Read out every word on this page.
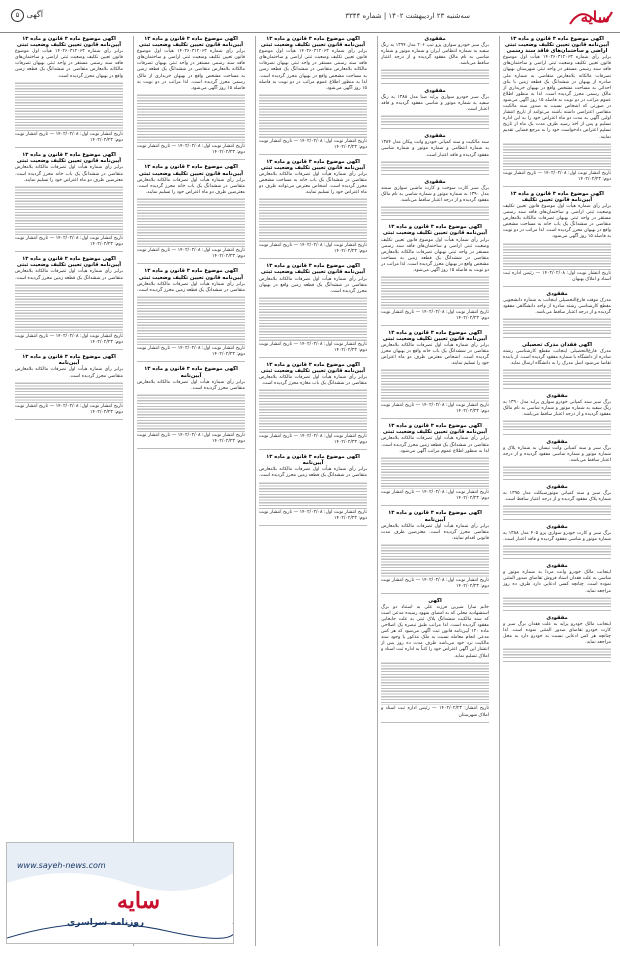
سایه
سه‌شنبه ۲۳ اردیبهشت ۱۴۰۲ | شماره ۳۳۴۴
آگهی ۵
آگهی موضوع ماده ۳ قانون و ماده ۱۳ آیین‌نامه قانون تعیین تکلیف وضعیت ثبتی اراضی و ساختمان‌های فاقد سند رسمی
برابر رأی شماره ۱۴۰۲۶۰۳۱۲۰۶۳ هیأت اول موضوع قانون تعیین تکلیف وضعیت ثبتی اراضی و ساختمان‌های فاقد سند رسمی مستقر در واحد ثبتی شهرستان بهبهان تصرفات مالکانه بلامعارض متقاضی به شماره ملی صادره از بهبهان در ششدانگ یک قطعه زمین با بنای احداثی به مساحت مشخص واقع در بهبهان خریداری از مالک رسمی محرز گردیده است. لذا به منظور اطلاع عموم مراتب در دو نوبت به فاصله ۱۵ روز آگهی می‌شود در صورتی که اشخاص نسبت به صدور سند مالکیت متقاضی اعتراضی داشته باشند می‌توانند از تاریخ انتشار اولین آگهی به مدت دو ماه اعتراض خود را به این اداره تسلیم و پس از اخذ رسید ظرف مدت یک ماه از تاریخ تسلیم اعتراض دادخواست خود را به مرجع قضایی تقدیم نمایند.
تاریخ انتشار نوبت اول: ۱۴۰۲/۰۲/۰۸ — تاریخ انتشار نوبت دوم: ۱۴۰۲/۰۲/۲۳
آگهی موضوع ماده ۳ قانون و ماده ۱۳ آیین‌نامه قانون تعیین تکلیف
برابر رأی شماره هیأت اول موضوع قانون تعیین تکلیف وضعیت ثبتی اراضی و ساختمان‌های فاقد سند رسمی مستقر در واحد ثبتی بهبهان تصرفات مالکانه بلامعارض متقاضی در ششدانگ یک باب خانه به مساحت مشخص واقع در بهبهان محرز گردیده است. لذا مراتب در دو نوبت به فاصله ۱۵ روز آگهی می‌شود.
تاریخ انتشار نوبت اول: ۱۴۰۲/۰۲/۰۸ — رئیس اداره ثبت اسناد و املاک بهبهان
مفقودی
مدرک موقت فارغ‌التحصیلی اینجانب به شماره دانشجویی مقطع کارشناسی رشته صادره از واحد دانشگاهی مفقود گردیده و از درجه اعتبار ساقط می‌باشد.
آگهی فقدان مدرک تحصیلی
مدرک فارغ‌التحصیلی اینجانب مقطع کارشناسی رشته صادره از دانشگاه با شماره مفقود گردیده است. از یابنده تقاضا می‌شود اصل مدرک را به دانشگاه ارسال نماید.
مفقودی
برگ سبز سند کمپانی خودرو سواری پراید مدل ۱۳۹۰ به رنگ سفید به شماره موتور و شماره شاسی به نام مالک مفقود گردیده و از درجه اعتبار ساقط می‌باشد.
مفقودی
برگ سبز و سند کمپانی وانت نیسان به شماره پلاک و شماره موتور و شماره شاسی مفقود گردیده و از درجه اعتبار ساقط می‌باشد.
مفقودی
برگ سبز و سند کمپانی موتورسیکلت مدل ۱۳۹۵ به شماره پلاک مفقود گردیده و از درجه اعتبار ساقط است.
مفقودی
برگ سبز و کارت خودرو سواری پژو ۴۰۵ مدل ۱۳۸۸ به شماره موتور و شاسی مفقود گردیده و فاقد اعتبار است.
مفقودی
اینجانب مالک خودرو وانت مزدا به شماره موتور و شاسی به علت فقدان اسناد فروش تقاضای صدور المثنی نموده است. چنانچه کسی ادعایی دارد ظرف ده روز مراجعه نماید.
مفقودی
اینجانب مالک خودرو پراید به علت فقدان برگ سبز و کارت خودرو تقاضای صدور المثنی نموده است. لذا چنانچه هر کس ادعایی نسبت به خودرو دارد به محل مراجعه نماید.
مفقودی
برگ سبز خودرو سواری پژو تیپ ۲۰۶ مدل ۱۳۹۴ به رنگ سفید به شماره انتظامی ایران و شماره موتور و شماره شاسی به نام مالک مفقود گردیده و از درجه اعتبار ساقط می‌باشد.
مفقودی
برگ سبز خودرو سواری پراید صبا مدل ۱۳۸۸ به رنگ سفید به شماره موتور و شاسی مفقود گردیده و فاقد اعتبار است.
مفقودی
سند مالکیت و سند کمپانی خودرو وانت پیکان مدل ۱۳۸۴ به شماره انتظامی و شماره موتور و شماره شاسی مفقود گردیده و فاقد اعتبار است.
مفقودی
برگ سبز کارت سوخت و کارت ماشین سواری سمند مدل ۱۳۹۰ به شماره موتور و شماره شاسی به نام مالک مفقود گردیده و از درجه اعتبار ساقط می‌باشد.
آگهی موضوع ماده ۳ قانون و ماده ۱۳ آیین‌نامه قانون تعیین تکلیف وضعیت ثبتی
برابر رأی شماره هیأت اول موضوع قانون تعیین تکلیف وضعیت ثبتی اراضی و ساختمان‌های فاقد سند رسمی مستقر در واحد ثبتی بهبهان تصرفات مالکانه بلامعارض متقاضی در ششدانگ یک قطعه زمین به مساحت مشخص واقع در بهبهان محرز گردیده است. لذا مراتب در دو نوبت به فاصله ۱۵ روز آگهی می‌شود.
تاریخ انتشار نوبت اول: ۱۴۰۲/۰۲/۰۸ — تاریخ انتشار نوبت دوم: ۱۴۰۲/۰۲/۲۳
آگهی موضوع ماده ۳ قانون و ماده ۱۳ آیین‌نامه قانون تعیین تکلیف وضعیت ثبتی
برابر رأی شماره هیأت اول تصرفات مالکانه بلامعارض متقاضی در ششدانگ یک باب خانه واقع در بهبهان محرز گردیده است. اشخاص معترض ظرف دو ماه اعتراض خود را تسلیم نمایند.
تاریخ انتشار نوبت اول: ۱۴۰۲/۰۲/۰۸ — تاریخ انتشار نوبت دوم: ۱۴۰۲/۰۲/۲۳
آگهی موضوع ماده ۳ قانون و ماده ۱۳ آیین‌نامه قانون تعیین تکلیف وضعیت ثبتی
برابر رأی شماره هیأت اول تصرفات مالکانه بلامعارض متقاضی در ششدانگ یک قطعه زمین محرز گردیده است. لذا به منظور اطلاع عموم مراتب آگهی می‌شود.
تاریخ انتشار نوبت اول: ۱۴۰۲/۰۲/۰۸ — تاریخ انتشار نوبت دوم: ۱۴۰۲/۰۲/۲۳
آگهی موضوع ماده ۳ قانون و ماده ۱۳ آیین‌نامه
برابر رأی شماره هیأت اول تصرفات مالکانه بلامعارض متقاضی محرز گردیده است. معترضین ظرف مدت قانونی اقدام نمایند.
تاریخ انتشار نوبت اول: ۱۴۰۲/۰۲/۰۸ — تاریخ انتشار نوبت دوم: ۱۴۰۲/۰۲/۲۳
آگهی
خانم سارا شیرین فرزند علی به استناد دو برگ استشهادیه محلی که به امضای شهود رسیده مدعی است که سند مالکیت ششدانگ پلاک ثبتی به علت جابجایی مفقود گردیده است. لذا مراتب طبق تبصره یک اصلاحی ماده ۱۲۰ آیین‌نامه قانون ثبت آگهی می‌شود که هر کس مدعی انجام معامله نسبت به ملک مذکور یا وجود سند مالکیت نزد خود می‌باشد ظرف مدت ده روز پس از انتشار این آگهی اعتراض خود را کتباً به اداره ثبت اسناد و املاک تسلیم نماید.
تاریخ انتشار: ۱۴۰۲/۰۲/۲۳ — رئیس اداره ثبت اسناد و املاک شهرستان
آگهی موضوع ماده ۳ قانون و ماده ۱۳ آیین‌نامه قانون تعیین تکلیف وضعیت ثبتی
برابر رأی شماره ۱۴۰۲۶۰۳۱۲۰۶۳ هیأت اول موضوع قانون تعیین تکلیف وضعیت ثبتی اراضی و ساختمان‌های فاقد سند رسمی مستقر در واحد ثبتی بهبهان تصرفات مالکانه بلامعارض متقاضی در ششدانگ یک قطعه زمین به مساحت مشخص واقع در بهبهان محرز گردیده است. لذا به منظور اطلاع عموم مراتب در دو نوبت به فاصله ۱۵ روز آگهی می‌شود.
تاریخ انتشار نوبت اول: ۱۴۰۲/۰۲/۰۸ — تاریخ انتشار نوبت دوم: ۱۴۰۲/۰۲/۲۳
آگهی موضوع ماده ۳ قانون و ماده ۱۳ آیین‌نامه قانون تعیین تکلیف وضعیت ثبتی
برابر رأی شماره هیأت اول تصرفات مالکانه بلامعارض متقاضی در ششدانگ یک باب خانه به مساحت مشخص محرز گردیده است. اشخاص معترض می‌توانند ظرف دو ماه اعتراض خود را تسلیم نمایند.
تاریخ انتشار نوبت اول: ۱۴۰۲/۰۲/۰۸ — تاریخ انتشار نوبت دوم: ۱۴۰۲/۰۲/۲۳
آگهی موضوع ماده ۳ قانون و ماده ۱۳ آیین‌نامه قانون تعیین تکلیف وضعیت ثبتی
برابر رأی شماره هیأت اول تصرفات مالکانه بلامعارض متقاضی در ششدانگ یک قطعه زمین واقع در بهبهان محرز گردیده است.
تاریخ انتشار نوبت اول: ۱۴۰۲/۰۲/۰۸ — تاریخ انتشار نوبت دوم: ۱۴۰۲/۰۲/۲۳
آگهی موضوع ماده ۳ قانون و ماده ۱۳ آیین‌نامه قانون تعیین تکلیف وضعیت ثبتی
برابر رأی شماره هیأت اول تصرفات مالکانه بلامعارض متقاضی در ششدانگ یک باب مغازه محرز گردیده است.
تاریخ انتشار نوبت اول: ۱۴۰۲/۰۲/۰۸ — تاریخ انتشار نوبت دوم: ۱۴۰۲/۰۲/۲۳
آگهی موضوع ماده ۳ قانون و ماده ۱۳ آیین‌نامه
برابر رأی شماره هیأت اول تصرفات مالکانه بلامعارض متقاضی در ششدانگ یک قطعه زمین محرز گردیده است.
تاریخ انتشار نوبت اول: ۱۴۰۲/۰۲/۰۸ — تاریخ انتشار نوبت دوم: ۱۴۰۲/۰۲/۲۳
آگهی موضوع ماده ۳ قانون و ماده ۱۳ آیین‌نامه قانون تعیین تکلیف وضعیت ثبتی
برابر رأی شماره ۱۴۰۲۶۰۳۱۲۰۶۳ هیأت اول موضوع قانون تعیین تکلیف وضعیت ثبتی اراضی و ساختمان‌های فاقد سند رسمی مستقر در واحد ثبتی بهبهان تصرفات مالکانه بلامعارض متقاضی در ششدانگ یک قطعه زمین به مساحت مشخص واقع در بهبهان خریداری از مالک رسمی محرز گردیده است. لذا مراتب در دو نوبت به فاصله ۱۵ روز آگهی می‌شود.
تاریخ انتشار نوبت اول: ۱۴۰۲/۰۲/۰۸ — تاریخ انتشار نوبت دوم: ۱۴۰۲/۰۲/۲۳
آگهی موضوع ماده ۳ قانون و ماده ۱۳ آیین‌نامه قانون تعیین تکلیف وضعیت ثبتی
برابر رأی شماره هیأت اول تصرفات مالکانه بلامعارض متقاضی در ششدانگ یک باب خانه محرز گردیده است. معترضین ظرف دو ماه اعتراض خود را تسلیم نمایند.
تاریخ انتشار نوبت اول: ۱۴۰۲/۰۲/۰۸ — تاریخ انتشار نوبت دوم: ۱۴۰۲/۰۲/۲۳
آگهی موضوع ماده ۳ قانون و ماده ۱۳ آیین‌نامه قانون تعیین تکلیف وضعیت ثبتی
برابر رأی شماره هیأت اول تصرفات مالکانه بلامعارض متقاضی در ششدانگ یک قطعه زمین محرز گردیده است.
تاریخ انتشار نوبت اول: ۱۴۰۲/۰۲/۰۸ — تاریخ انتشار نوبت دوم: ۱۴۰۲/۰۲/۲۳
آگهی موضوع ماده ۳ قانون و ماده ۱۳ آیین‌نامه
برابر رأی شماره هیأت اول تصرفات مالکانه بلامعارض متقاضی محرز گردیده است.
تاریخ انتشار نوبت اول: ۱۴۰۲/۰۲/۰۸ — تاریخ انتشار نوبت دوم: ۱۴۰۲/۰۲/۲۳
آگهی موضوع ماده ۳ قانون و ماده ۱۳ آیین‌نامه قانون تعیین تکلیف وضعیت ثبتی
برابر رأی شماره ۱۴۰۲۶۰۳۱۲۰۶۳ هیأت اول موضوع قانون تعیین تکلیف وضعیت ثبتی اراضی و ساختمان‌های فاقد سند رسمی مستقر در واحد ثبتی بهبهان تصرفات مالکانه بلامعارض متقاضی در ششدانگ یک قطعه زمین واقع در بهبهان محرز گردیده است.
تاریخ انتشار نوبت اول: ۱۴۰۲/۰۲/۰۸ — تاریخ انتشار نوبت دوم: ۱۴۰۲/۰۲/۲۳
آگهی موضوع ماده ۳ قانون و ماده ۱۳ آیین‌نامه قانون تعیین تکلیف وضعیت ثبتی
برابر رأی شماره هیأت اول تصرفات مالکانه بلامعارض متقاضی در ششدانگ یک باب خانه محرز گردیده است. معترضین ظرف دو ماه اعتراض خود را تسلیم نمایند.
تاریخ انتشار نوبت اول: ۱۴۰۲/۰۲/۰۸ — تاریخ انتشار نوبت دوم: ۱۴۰۲/۰۲/۲۳
آگهی موضوع ماده ۳ قانون و ماده ۱۳ آیین‌نامه قانون تعیین تکلیف وضعیت ثبتی
برابر رأی شماره هیأت اول تصرفات مالکانه بلامعارض متقاضی در ششدانگ یک قطعه زمین محرز گردیده است.
تاریخ انتشار نوبت اول: ۱۴۰۲/۰۲/۰۸ — تاریخ انتشار نوبت دوم: ۱۴۰۲/۰۲/۲۳
آگهی موضوع ماده ۳ قانون و ماده ۱۳ آیین‌نامه
برابر رأی شماره هیأت اول تصرفات مالکانه بلامعارض متقاضی محرز گردیده است.
تاریخ انتشار نوبت اول: ۱۴۰۲/۰۲/۰۸ — تاریخ انتشار نوبت دوم: ۱۴۰۲/۰۲/۲۳
www.sayeh-news.com
سایه
روزنامه سراسری
